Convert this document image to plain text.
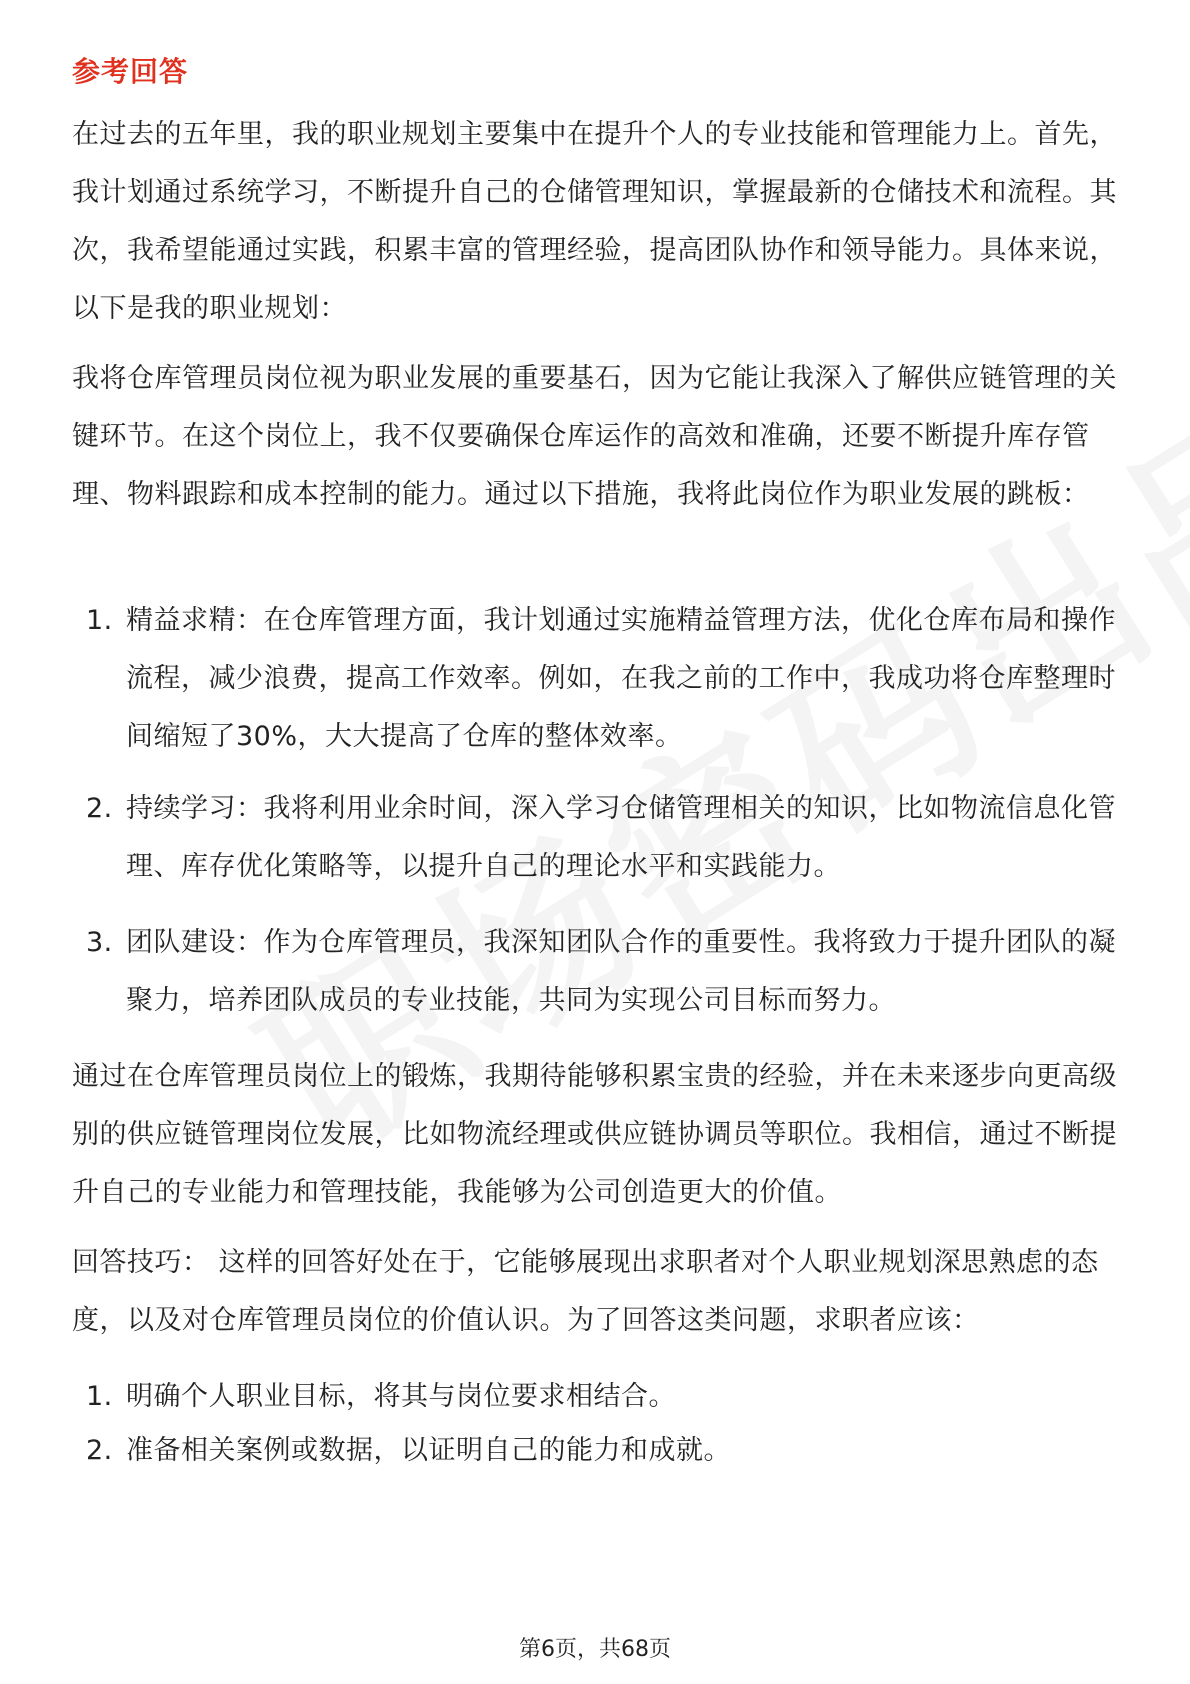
参考回答

在过去的五年里，我的职业规划主要集中在提升个人的专业技能和管理能力上。首先，我计划通过系统学习，不断提升自己的仓储管理知识，掌握最新的仓储技术和流程。其次，我希望能通过实践，积累丰富的管理经验，提高团队协作和领导能力。具体来说，以下是我的职业规划：

我将仓库管理员岗位视为职业发展的重要基石，因为它能让我深入了解供应链管理的关键环节。在这个岗位上，我不仅要确保仓库运作的高效和准确，还要不断提升库存管理、物料跟踪和成本控制的能力。通过以下措施，我将此岗位作为职业发展的跳板：

1. 精益求精：在仓库管理方面，我计划通过实施精益管理方法，优化仓库布局和操作流程，减少浪费，提高工作效率。例如，在我之前的工作中，我成功将仓库整理时间缩短了30%，大大提高了仓库的整体效率。
2. 持续学习：我将利用业余时间，深入学习仓储管理相关的知识，比如物流信息化管理、库存优化策略等，以提升自己的理论水平和实践能力。
3. 团队建设：作为仓库管理员，我深知团队合作的重要性。我将致力于提升团队的凝聚力，培养团队成员的专业技能，共同为实现公司目标而努力。

通过在仓库管理员岗位上的锻炼，我期待能够积累宝贵的经验，并在未来逐步向更高级别的供应链管理岗位发展，比如物流经理或供应链协调员等职位。我相信，通过不断提升自己的专业能力和管理技能，我能够为公司创造更大的价值。

回答技巧： 这样的回答好处在于，它能够展现出求职者对个人职业规划深思熟虑的态度，以及对仓库管理员岗位的价值认识。为了回答这类问题，求职者应该：

1. 明确个人职业目标，将其与岗位要求相结合。
2. 准备相关案例或数据，以证明自己的能力和成就。
第6页，共68页
